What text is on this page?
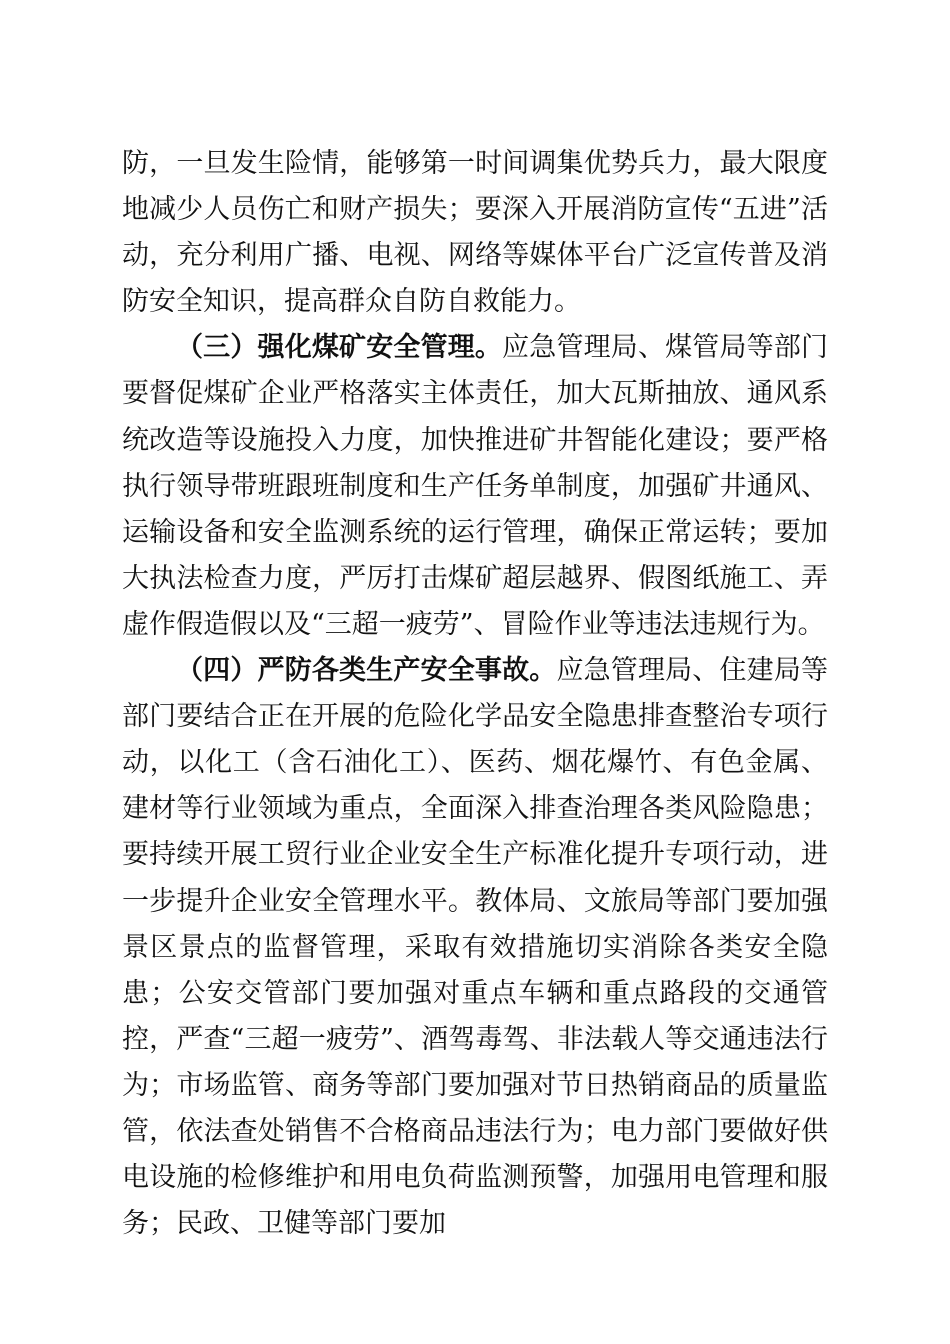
防，一旦发生险情，能够第一时间调集优势兵力，最大限度地减少人员伤亡和财产损失；要深入开展消防宣传“五进”活动，充分利用广播、电视、网络等媒体平台广泛宣传普及消防安全知识，提高群众自防自救能力。

（三）强化煤矿安全管理。应急管理局、煤管局等部门要督促煤矿企业严格落实主体责任，加大瓦斯抽放、通风系统改造等设施投入力度，加快推进矿井智能化建设；要严格执行领导带班跟班制度和生产任务单制度，加强矿井通风、运输设备和安全监测系统的运行管理，确保正常运转；要加大执法检查力度，严厉打击煤矿超层越界、假图纸施工、弄虚作假造假以及“三超一疲劳”、冒险作业等违法违规行为。

（四）严防各类生产安全事故。应急管理局、住建局等部门要结合正在开展的危险化学品安全隐患排查整治专项行动，以化工（含石油化工）、医药、烟花爆竹、有色金属、建材等行业领域为重点，全面深入排查治理各类风险隐患；要持续开展工贸行业企业安全生产标准化提升专项行动，进一步提升企业安全管理水平。教体局、文旅局等部门要加强景区景点的监督管理，采取有效措施切实消除各类安全隐患；公安交管部门要加强对重点车辆和重点路段的交通管控，严查“三超一疲劳”、酒驾毒驾、非法载人等交通违法行为；市场监管、商务等部门要加强对节日热销商品的质量监管，依法查处销售不合格商品违法行为；电力部门要做好供电设施的检修维护和用电负荷监测预警，加强用电管理和服务；民政、卫健等部门要加
